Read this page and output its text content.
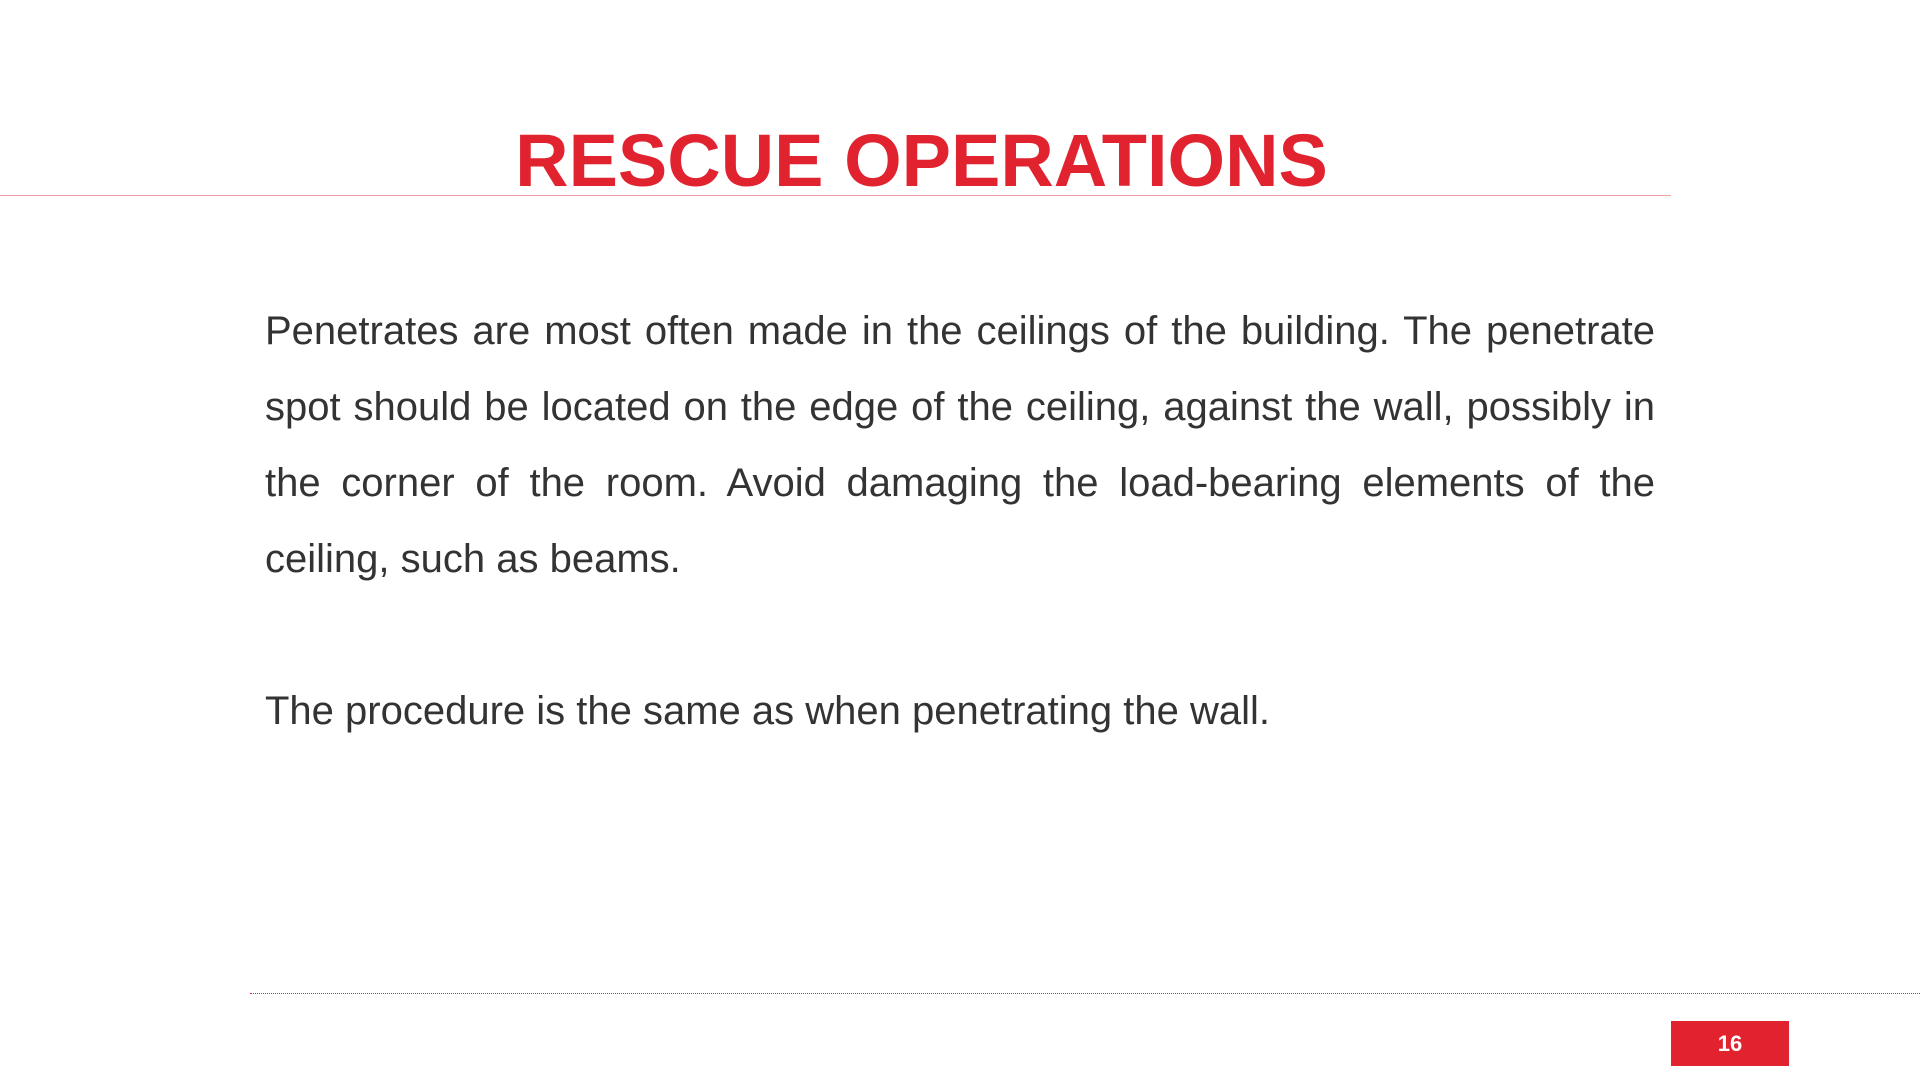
RESCUE OPERATIONS

Penetrates are most often made in the ceilings of the building. The penetrate spot should be located on the edge of the ceiling, against the wall, possibly in the corner of the room. Avoid damaging the load-bearing elements of the ceiling, such as beams.

The procedure is the same as when penetrating the wall.

16
